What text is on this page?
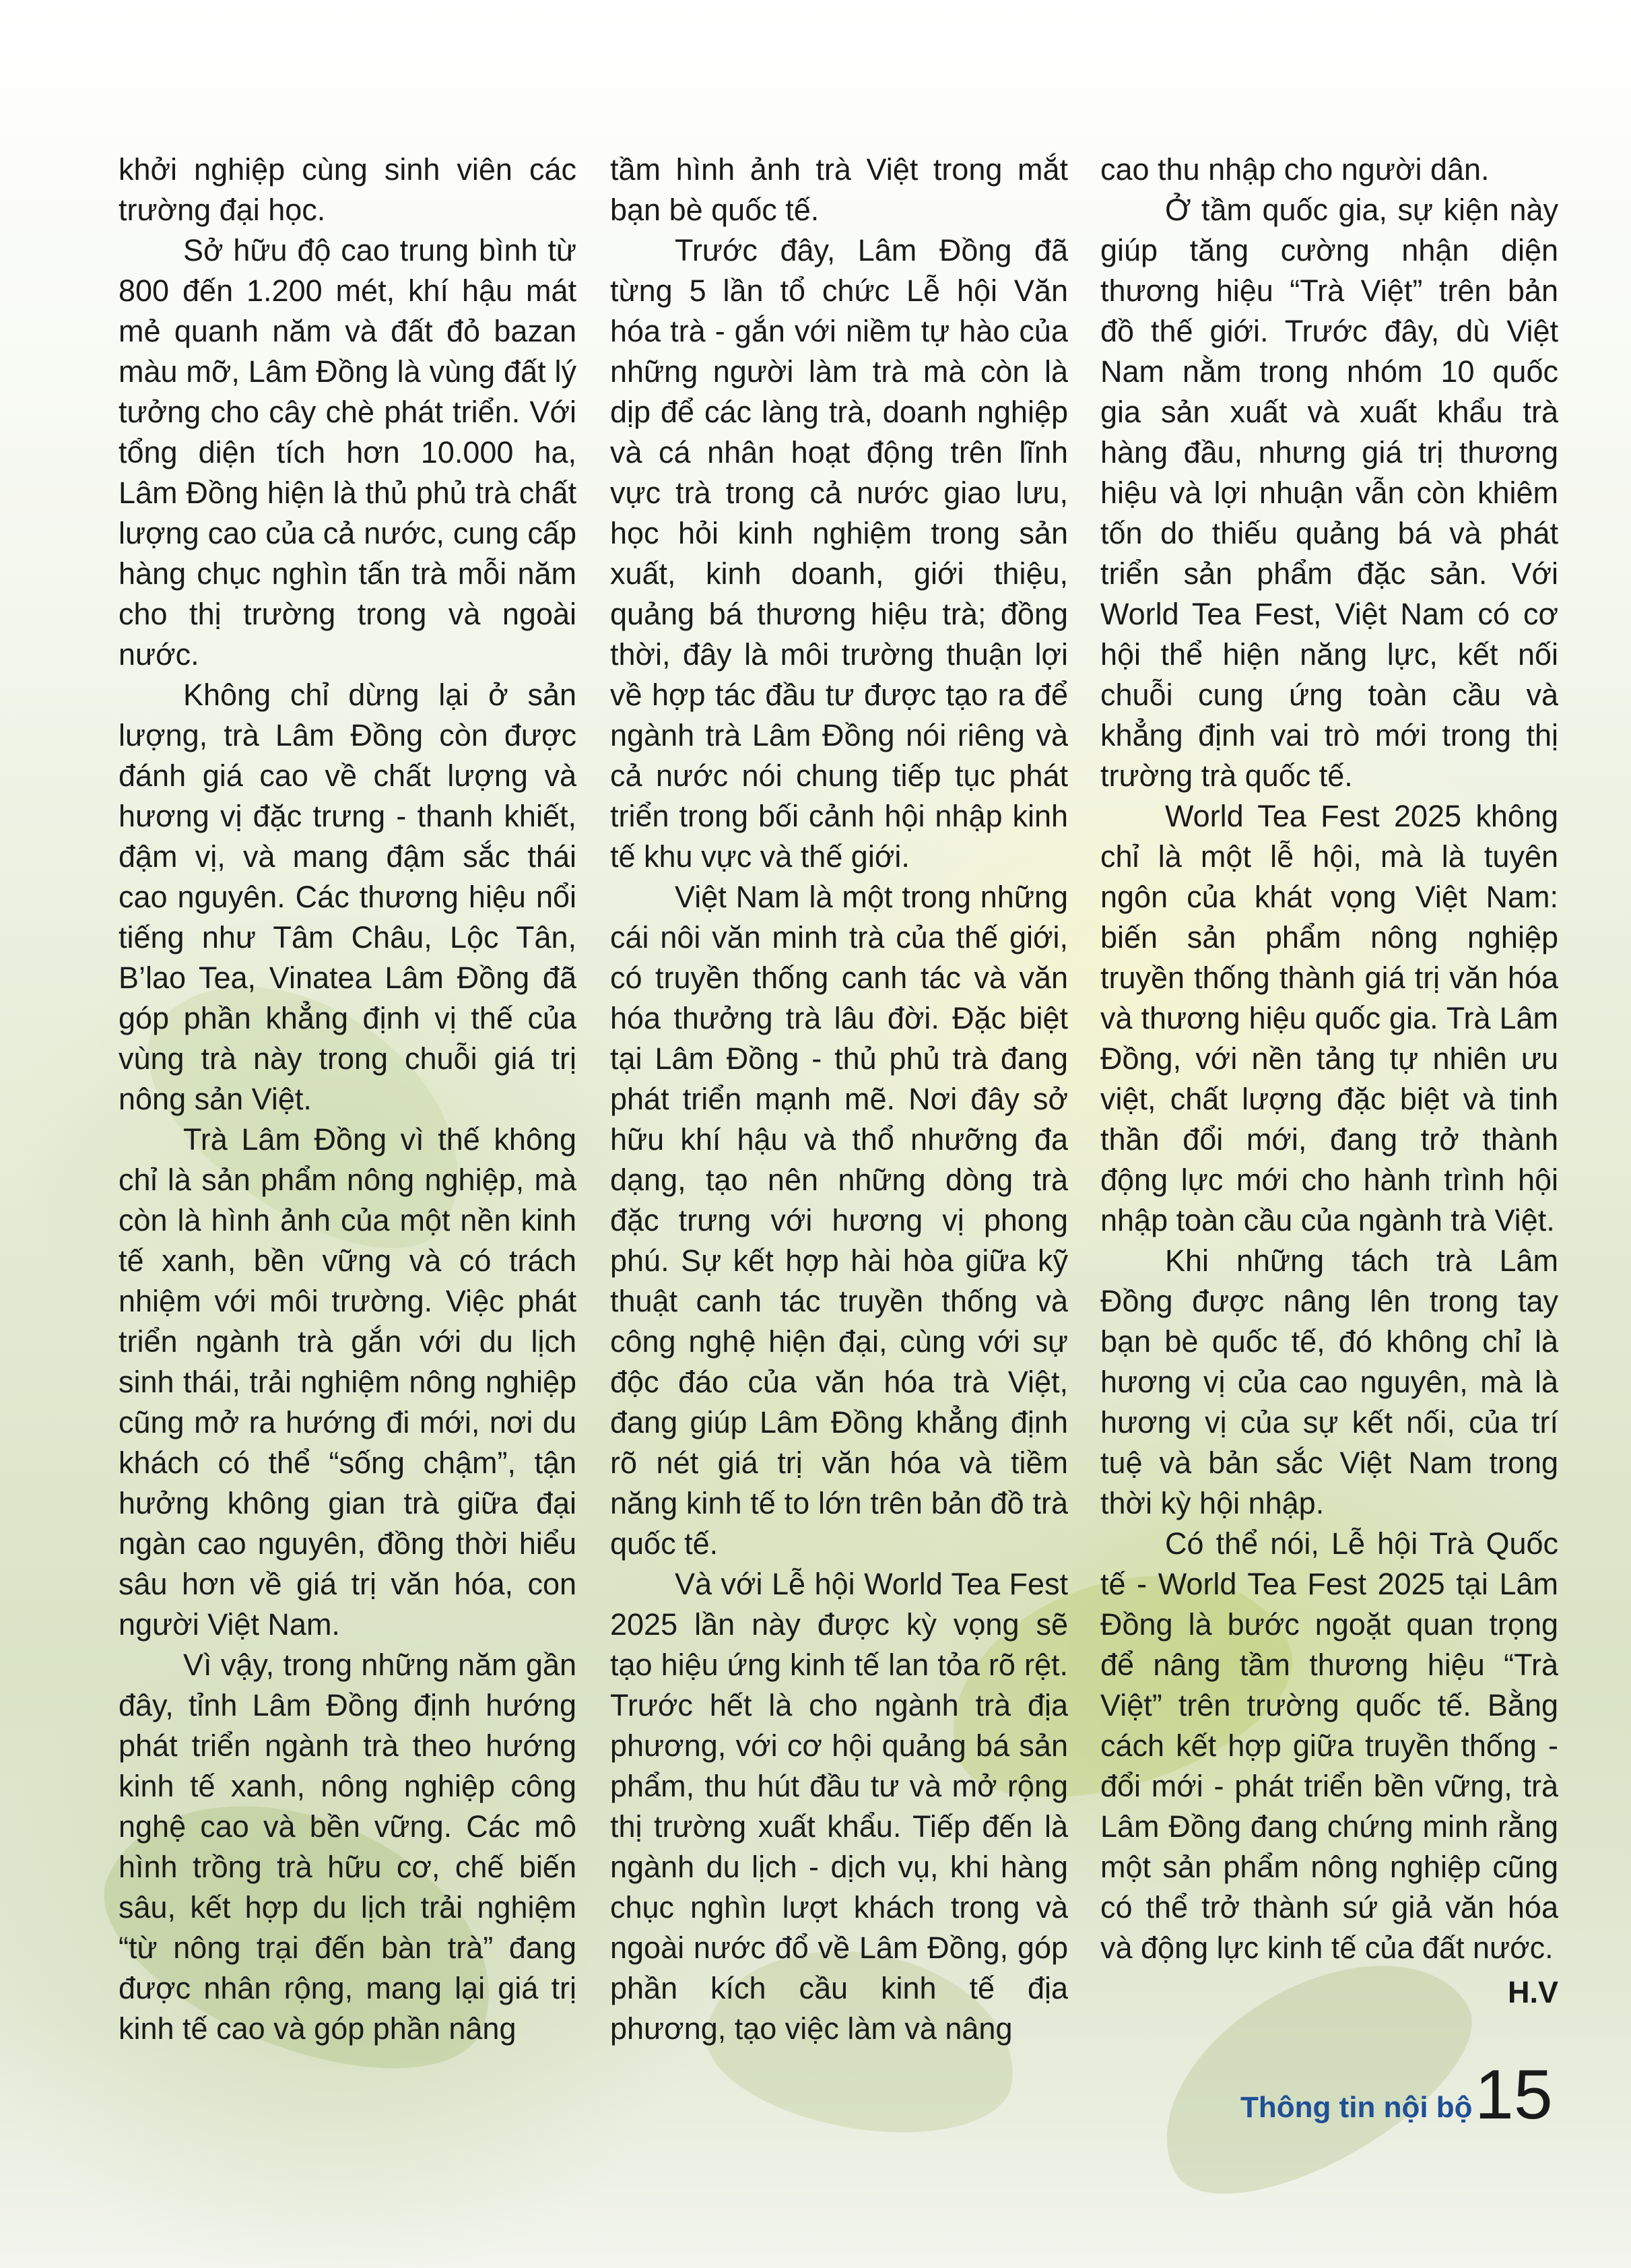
khởi nghiệp cùng sinh viên các trường đại học.

Sở hữu độ cao trung bình từ 800 đến 1.200 mét, khí hậu mát mẻ quanh năm và đất đỏ bazan màu mỡ, Lâm Đồng là vùng đất lý tưởng cho cây chè phát triển. Với tổng diện tích hơn 10.000 ha, Lâm Đồng hiện là thủ phủ trà chất lượng cao của cả nước, cung cấp hàng chục nghìn tấn trà mỗi năm cho thị trường trong và ngoài nước.

Không chỉ dừng lại ở sản lượng, trà Lâm Đồng còn được đánh giá cao về chất lượng và hương vị đặc trưng - thanh khiết, đậm vị, và mang đậm sắc thái cao nguyên. Các thương hiệu nổi tiếng như Tâm Châu, Lộc Tân, B’lao Tea, Vinatea Lâm Đồng đã góp phần khẳng định vị thế của vùng trà này trong chuỗi giá trị nông sản Việt.

Trà Lâm Đồng vì thế không chỉ là sản phẩm nông nghiệp, mà còn là hình ảnh của một nền kinh tế xanh, bền vững và có trách nhiệm với môi trường. Việc phát triển ngành trà gắn với du lịch sinh thái, trải nghiệm nông nghiệp cũng mở ra hướng đi mới, nơi du khách có thể “sống chậm”, tận hưởng không gian trà giữa đại ngàn cao nguyên, đồng thời hiểu sâu hơn về giá trị văn hóa, con người Việt Nam.

Vì vậy, trong những năm gần đây, tỉnh Lâm Đồng định hướng phát triển ngành trà theo hướng kinh tế xanh, nông nghiệp công nghệ cao và bền vững. Các mô hình trồng trà hữu cơ, chế biến sâu, kết hợp du lịch trải nghiệm “từ nông trại đến bàn trà” đang được nhân rộng, mang lại giá trị kinh tế cao và góp phần nâng

tầm hình ảnh trà Việt trong mắt bạn bè quốc tế.

Trước đây, Lâm Đồng đã từng 5 lần tổ chức Lễ hội Văn hóa trà - gắn với niềm tự hào của những người làm trà mà còn là dịp để các làng trà, doanh nghiệp và cá nhân hoạt động trên lĩnh vực trà trong cả nước giao lưu, học hỏi kinh nghiệm trong sản xuất, kinh doanh, giới thiệu, quảng bá thương hiệu trà; đồng thời, đây là môi trường thuận lợi về hợp tác đầu tư được tạo ra để ngành trà Lâm Đồng nói riêng và cả nước nói chung tiếp tục phát triển trong bối cảnh hội nhập kinh tế khu vực và thế giới.

Việt Nam là một trong những cái nôi văn minh trà của thế giới, có truyền thống canh tác và văn hóa thưởng trà lâu đời. Đặc biệt tại Lâm Đồng - thủ phủ trà đang phát triển mạnh mẽ. Nơi đây sở hữu khí hậu và thổ nhưỡng đa dạng, tạo nên những dòng trà đặc trưng với hương vị phong phú. Sự kết hợp hài hòa giữa kỹ thuật canh tác truyền thống và công nghệ hiện đại, cùng với sự độc đáo của văn hóa trà Việt, đang giúp Lâm Đồng khẳng định rõ nét giá trị văn hóa và tiềm năng kinh tế to lớn trên bản đồ trà quốc tế.

Và với Lễ hội World Tea Fest 2025 lần này được kỳ vọng sẽ tạo hiệu ứng kinh tế lan tỏa rõ rệt. Trước hết là cho ngành trà địa phương, với cơ hội quảng bá sản phẩm, thu hút đầu tư và mở rộng thị trường xuất khẩu. Tiếp đến là ngành du lịch - dịch vụ, khi hàng chục nghìn lượt khách trong và ngoài nước đổ về Lâm Đồng, góp phần kích cầu kinh tế địa phương, tạo việc làm và nâng

cao thu nhập cho người dân.

Ở tầm quốc gia, sự kiện này giúp tăng cường nhận diện thương hiệu “Trà Việt” trên bản đồ thế giới. Trước đây, dù Việt Nam nằm trong nhóm 10 quốc gia sản xuất và xuất khẩu trà hàng đầu, nhưng giá trị thương hiệu và lợi nhuận vẫn còn khiêm tốn do thiếu quảng bá và phát triển sản phẩm đặc sản. Với World Tea Fest, Việt Nam có cơ hội thể hiện năng lực, kết nối chuỗi cung ứng toàn cầu và khẳng định vai trò mới trong thị trường trà quốc tế.

World Tea Fest 2025 không chỉ là một lễ hội, mà là tuyên ngôn của khát vọng Việt Nam: biến sản phẩm nông nghiệp truyền thống thành giá trị văn hóa và thương hiệu quốc gia. Trà Lâm Đồng, với nền tảng tự nhiên ưu việt, chất lượng đặc biệt và tinh thần đổi mới, đang trở thành động lực mới cho hành trình hội nhập toàn cầu của ngành trà Việt.

Khi những tách trà Lâm Đồng được nâng lên trong tay bạn bè quốc tế, đó không chỉ là hương vị của cao nguyên, mà là hương vị của sự kết nối, của trí tuệ và bản sắc Việt Nam trong thời kỳ hội nhập.

Có thể nói, Lễ hội Trà Quốc tế - World Tea Fest 2025 tại Lâm Đồng là bước ngoặt quan trọng để nâng tầm thương hiệu “Trà Việt” trên trường quốc tế. Bằng cách kết hợp giữa truyền thống - đổi mới - phát triển bền vững, trà Lâm Đồng đang chứng minh rằng một sản phẩm nông nghiệp cũng có thể trở thành sứ giả văn hóa và động lực kinh tế của đất nước.

H.V

Thông tin nội bộ 15
